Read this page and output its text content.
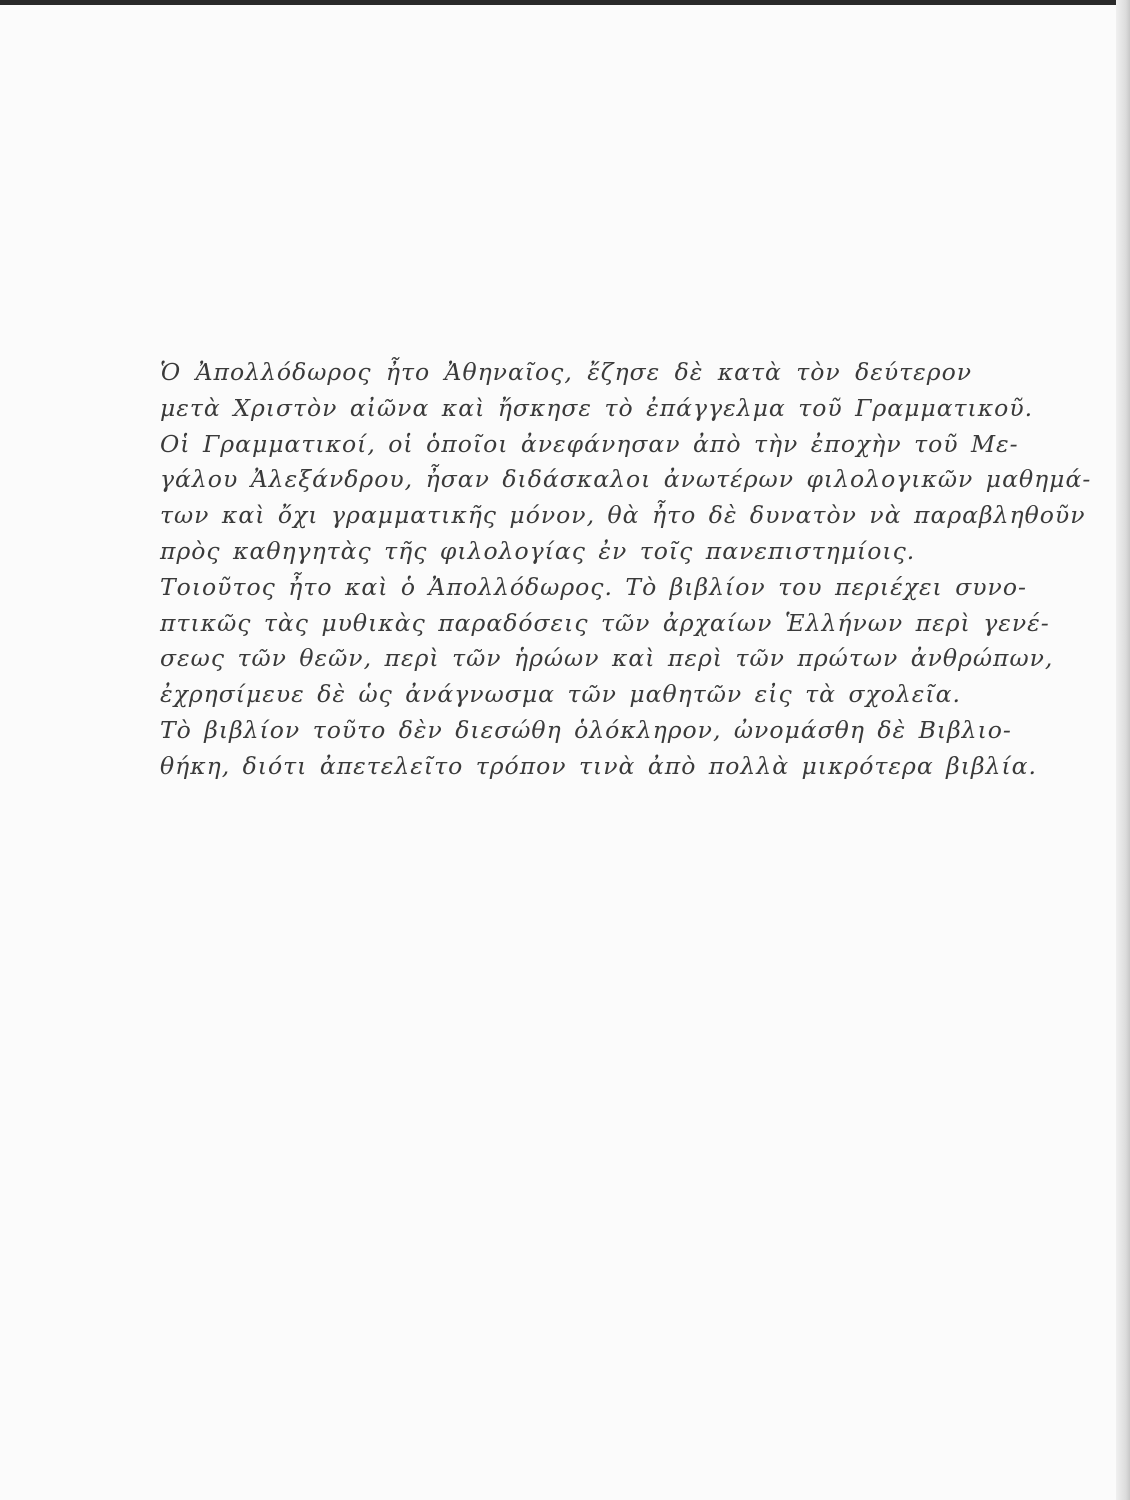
Ὁ Ἀπολλόδωρος ἦτο Ἀθηναῖος, ἔζησε δὲ κατὰ τὸν δεύτερον
μετὰ Χριστὸν αἰῶνα καὶ ἤσκησε τὸ ἐπάγγελμα τοῦ Γραμματικοῦ.
Οἱ Γραμματικοί, οἱ ὁποῖοι ἀνεφάνησαν ἀπὸ τὴν ἐποχὴν τοῦ Με-
γάλου Ἀλεξάνδρου, ἦσαν διδάσκαλοι ἀνωτέρων φιλολογικῶν μαθημά-
των καὶ ὄχι γραμματικῆς μόνον, θὰ ἦτο δὲ δυνατὸν νὰ παραβληθοῦν
πρὸς καθηγητὰς τῆς φιλολογίας ἐν τοῖς πανεπιστημίοις.
Τοιοῦτος ἦτο καὶ ὁ Ἀπολλόδωρος. Τὸ βιβλίον του περιέχει συνο-
πτικῶς τὰς μυθικὰς παραδόσεις τῶν ἀρχαίων Ἑλλήνων περὶ γενέ-
σεως τῶν θεῶν, περὶ τῶν ἡρώων καὶ περὶ τῶν πρώτων ἀνθρώπων,
ἐχρησίμευε δὲ ὡς ἀνάγνωσμα τῶν μαθητῶν εἰς τὰ σχολεῖα.
Τὸ βιβλίον τοῦτο δὲν διεσώθη ὁλόκληρον, ὠνομάσθη δὲ Βιβλιο-
θήκη, διότι ἀπετελεῖτο τρόπον τινὰ ἀπὸ πολλὰ μικρότερα βιβλία.
